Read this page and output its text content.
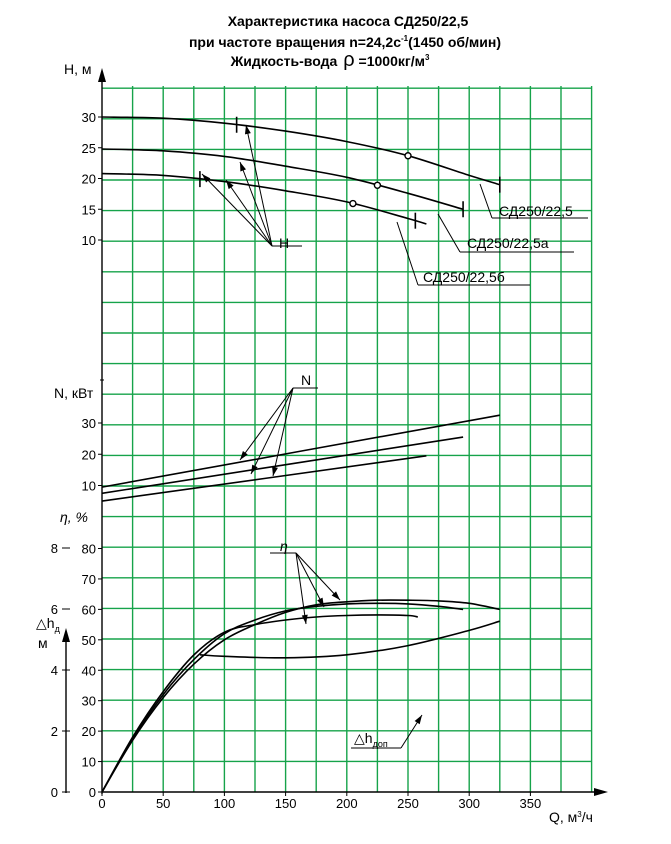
Характеристика насоса СД250/22,5
при частоте вращения $n=24,2с^{-1}(1450$ об/мин)
Жидкость-вода $\rho =1000кг/м^3$
0	50	100	150	200	250	300	350
30
25
20
15
10
30
20
10
80
70
60
50
40
30
20
10
0
8
6
4
2
0
H, м
N, кВт
η, %
$\triangle h_д$
м
Q, $м^3/ч$
H
N
η
$\triangle h_{доп}$
СД250/22,5
СД250/22,5а
СД250/22,5б
